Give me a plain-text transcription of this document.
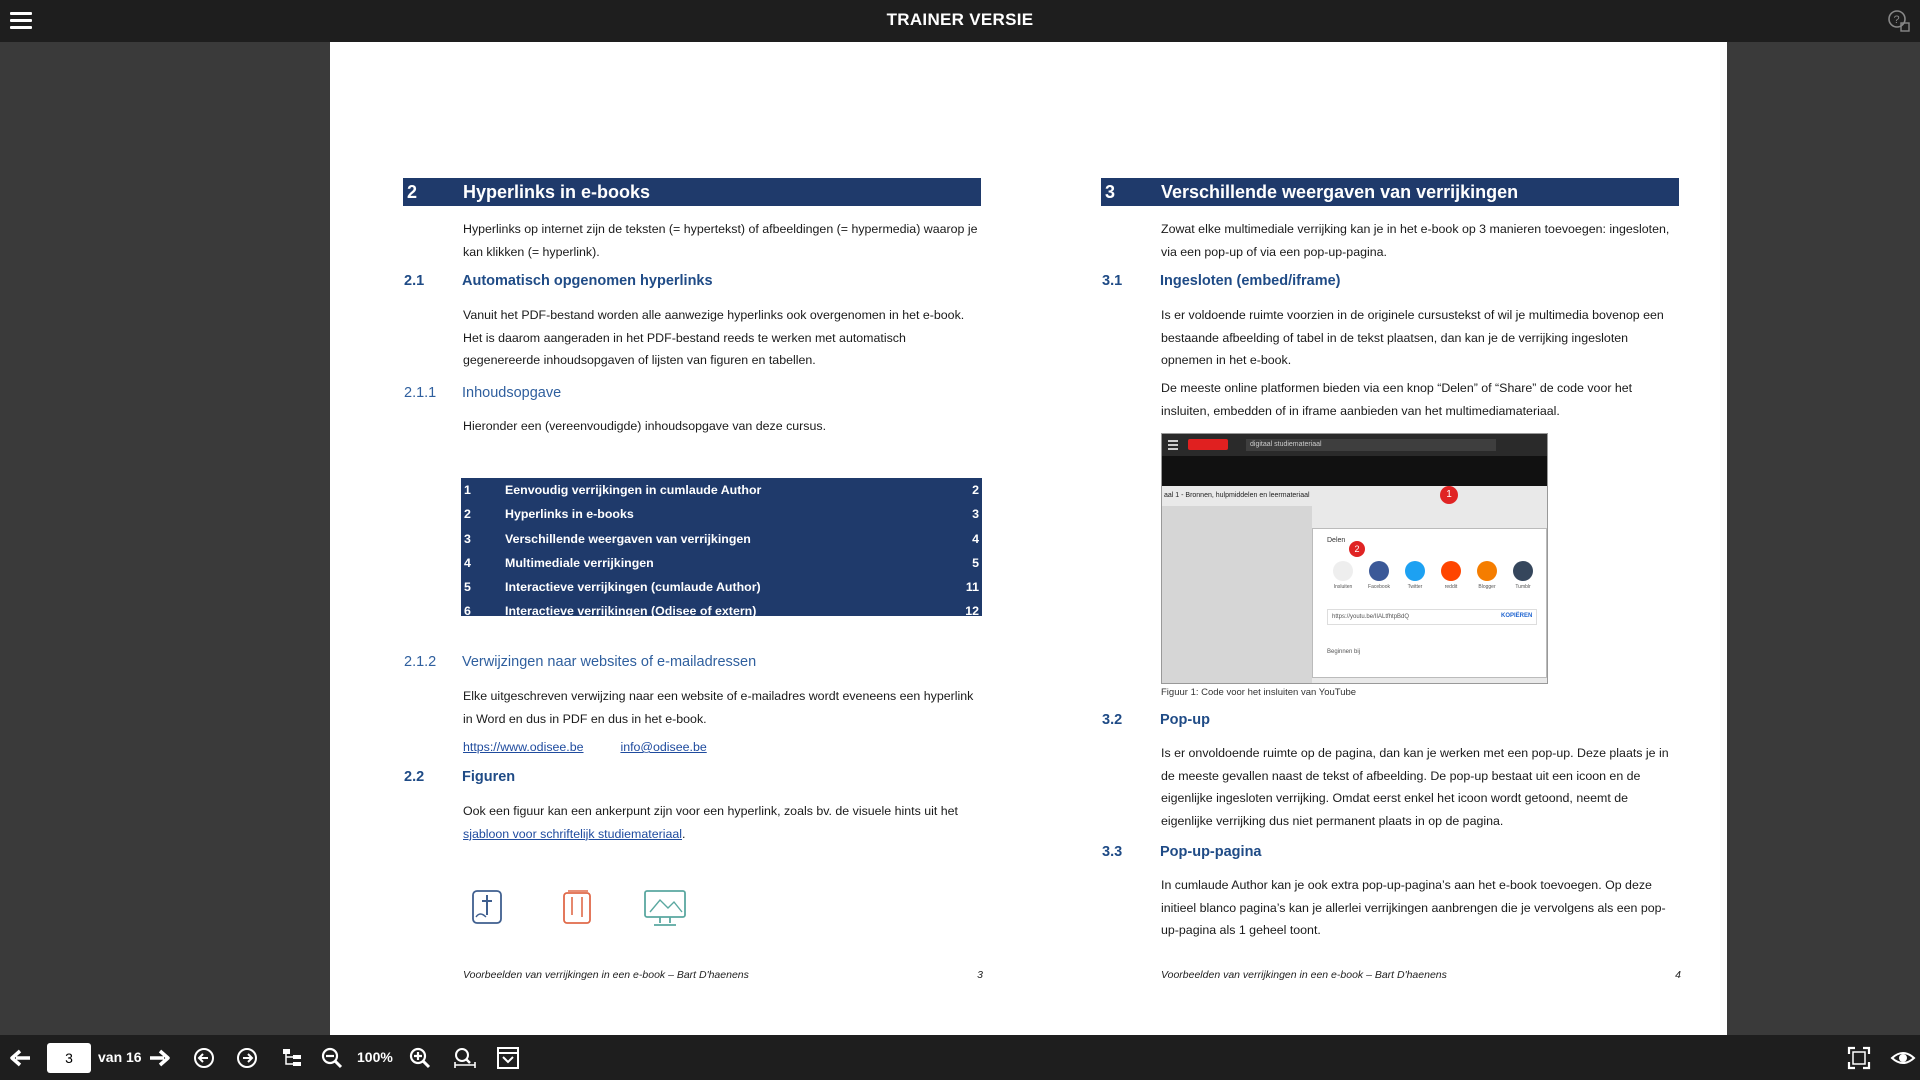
TRAINER VERSIE	?
2	Hyperlinks in e-books
Hyperlinks op internet zijn de teksten (= hypertekst) of afbeeldingen (= hypermedia) waarop je kan klikken (= hyperlink).
2.1	Automatisch opgenomen hyperlinks
Vanuit het PDF-bestand worden alle aanwezige hyperlinks ook overgenomen in het e-book. Het is daarom aangeraden in het PDF-bestand reeds te werken met automatisch gegenereerde inhoudsopgaven of lijsten van figuren en tabellen.
2.1.1 Inhoudsopgave
Hieronder een (vereenvoudigde) inhoudsopgave van deze cursus.
1	Eenvoudig verrijkingen in cumlaude Author	2
2	Hyperlinks in e-books	3
3	Verschillende weergaven van verrijkingen	4
4	Multimediale verrijkingen	5
5	Interactieve verrijkingen (cumlaude Author)	11
6	Interactieve verrijkingen (Odisee of extern)	12
2.1.2 Verwijzingen naar websites of e-mailadressen
Elke uitgeschreven verwijzing naar een website of e-mailadres wordt eveneens een hyperlink in Word en dus in PDF en dus in het e-book.
https://www.odisee.be	info@odisee.be
2.2	Figuren
Ook een figuur kan een ankerpunt zijn voor een hyperlink, zoals bv. de visuele hints uit het sjabloon voor schriftelijk studiemateriaal.
Voorbeelden van verrijkingen in een e-book – Bart D'haenens	3
3	Verschillende weergaven van verrijkingen
Zowat elke multimediale verrijking kan je in het e-book op 3 manieren toevoegen: ingesloten, via een pop-up of via een pop-up-pagina.
3.1	Ingesloten (embed/iframe)
Is er voldoende ruimte voorzien in de originele cursustekst of wil je multimedia bovenop een bestaande afbeelding of tabel in de tekst plaatsen, dan kan je de verrijking ingesloten opnemen in het e-book.
De meeste online platformen bieden via een knop “Delen” of “Share” de code voor het insluiten, embedden of in iframe aanbieden van het multimediamateriaal.
digitaal studiemateriaal
aal 1 - Bronnen, hulpmiddelen en leermateriaal	1
Delen
2
Insluiten	Facebook	Twitter	reddit	Blogger	Tumblr
https://youtu.be/IIALtfhtpBdQ	KOPIËREN
Beginnen bij
Figuur 1: Code voor het insluiten van YouTube
3.2	Pop-up
Is er onvoldoende ruimte op de pagina, dan kan je werken met een pop-up. Deze plaats je in de meeste gevallen naast de tekst of afbeelding. De pop-up bestaat uit een icoon en de eigenlijke ingesloten verrijking. Omdat eerst enkel het icoon wordt getoond, neemt de eigenlijke verrijking dus niet permanent plaats in op de pagina.
3.3	Pop-up-pagina
In cumlaude Author kan je ook extra pop-up-pagina’s aan het e-book toevoegen. Op deze initieel blanco pagina’s kan je allerlei verrijkingen aanbrengen die je vervolgens als een pop-up-pagina als 1 geheel toont.
Voorbeelden van verrijkingen in een e-book – Bart D'haenens	4
3
van 16	100%
